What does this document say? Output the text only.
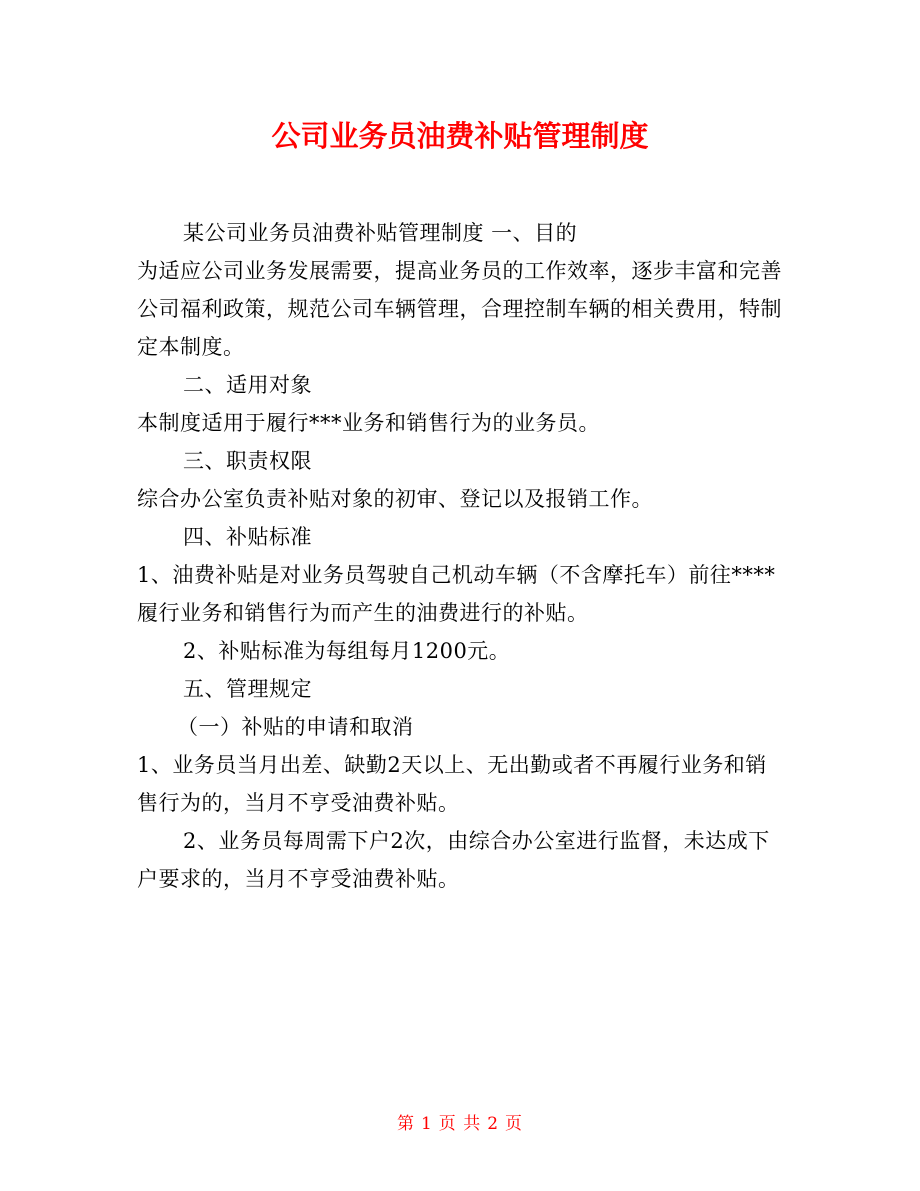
公司业务员油费补贴管理制度

某公司业务员油费补贴管理制度 一、目的

为适应公司业务发展需要，提高业务员的工作效率，逐步丰富和完善公司福利政策，规范公司车辆管理，合理控制车辆的相关费用，特制定本制度。

二、适用对象

本制度适用于履行***业务和销售行为的业务员。

三、职责权限

综合办公室负责补贴对象的初审、登记以及报销工作。

四、补贴标准

1、油费补贴是对业务员驾驶自己机动车辆（不含摩托车）前往****履行业务和销售行为而产生的油费进行的补贴。

2、补贴标准为每组每月1200元。

五、管理规定

（一）补贴的申请和取消

1、业务员当月出差、缺勤2天以上、无出勤或者不再履行业务和销售行为的，当月不亨受油费补贴。

2、业务员每周需下户2次，由综合办公室进行监督，未达成下户要求的，当月不亨受油费补贴。

第 1 页 共 2 页
